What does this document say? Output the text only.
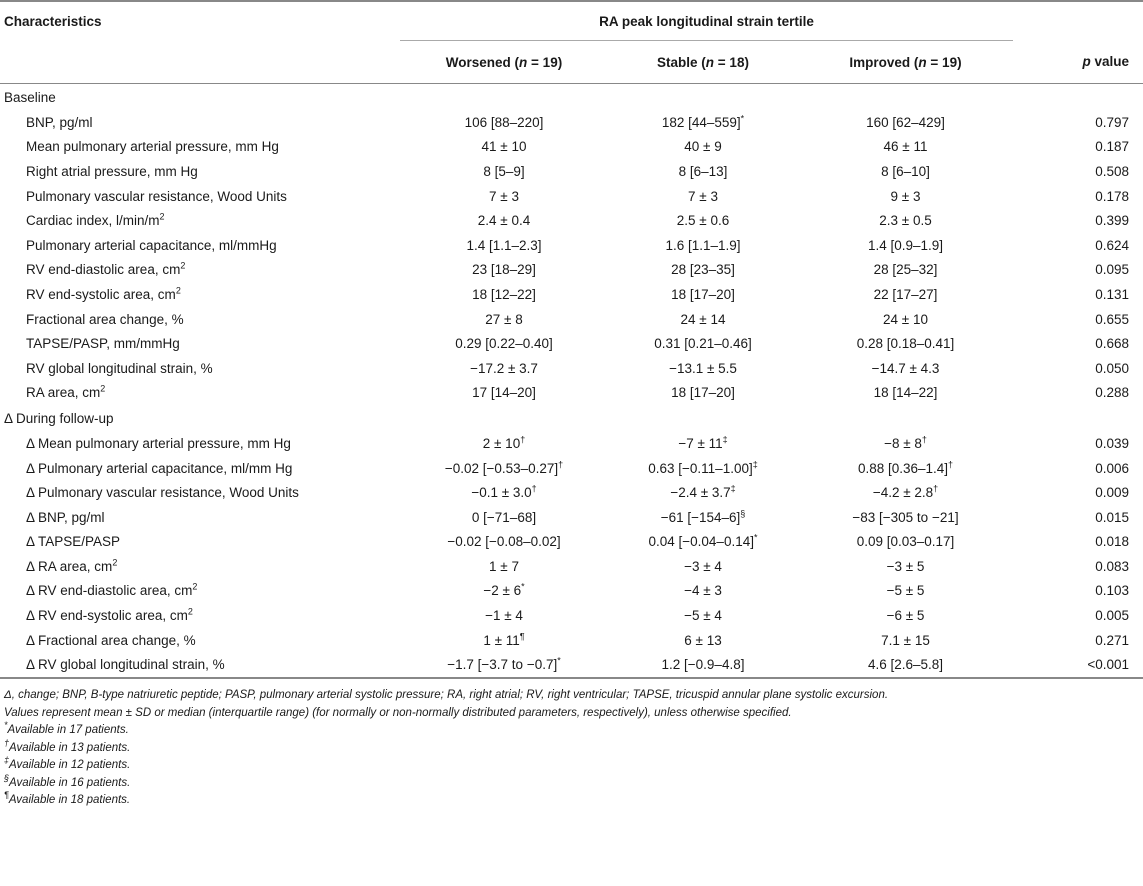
Characteristics	RA peak longitudinal strain tertile			
	Worsened (n = 19)	Stable (n = 18)	Improved (n = 19)	p value
Baseline				
BNP, pg/ml	106 [88–220]	182 [44–559]*	160 [62–429]	0.797
Mean pulmonary arterial pressure, mm Hg	41 ± 10	40 ± 9	46 ± 11	0.187
Right atrial pressure, mm Hg	8 [5–9]	8 [6–13]	8 [6–10]	0.508
Pulmonary vascular resistance, Wood Units	7 ± 3	7 ± 3	9 ± 3	0.178
Cardiac index, $l/\min/m^2$	2.4 ± 0.4	2.5 ± 0.6	2.3 ± 0.5	0.399
Pulmonary arterial capacitance, ml/mmHg	1.4 [1.1–2.3]	1.6 [1.1–1.9]	1.4 [0.9–1.9]	0.624
RV end-diastolic area, $cm^2$	23 [18–29]	28 [23–35]	28 [25–32]	0.095
RV end-systolic area, $cm^2$	18 [12–22]	18 [17–20]	22 [17–27]	0.131
Fractional area change, %	27 ± 8	24 ± 14	24 ± 10	0.655
TAPSE/PASP, mm/mmHg	0.29 [0.22–0.40]	0.31 [0.21–0.46]	0.28 [0.18–0.41]	0.668
RV global longitudinal strain, %	−17.2 ± 3.7	−13.1 ± 5.5	−14.7 ± 4.3	0.050
RA area, $cm^2$	17 [14–20]	18 [17–20]	18 [14–22]	0.288
Δ During follow-up				
Δ Mean pulmonary arterial pressure, mm Hg	2 ± 10†	−7 ± 11‡	−8 ± 8†	0.039
Δ Pulmonary arterial capacitance, ml/mm Hg	−0.02 [−0.53–0.27]†	0.63 [−0.11–1.00]‡	0.88 [0.36–1.4]†	0.006
Δ Pulmonary vascular resistance, Wood Units	−0.1 ± 3.0†	−2.4 ± 3.7‡	−4.2 ± 2.8†	0.009
Δ BNP, pg/ml	0 [−71–68]	−61 [−154–6]§	−83 [−305 to −21]	0.015
Δ TAPSE/PASP	−0.02 [−0.08–0.02]	0.04 [−0.04–0.14]*	0.09 [0.03–0.17]	0.018
Δ RA area, $cm^2$	1 ± 7	−3 ± 4	−3 ± 5	0.083
Δ RV end-diastolic area, $cm^2$	−2 ± 6*	−4 ± 3	−5 ± 5	0.103
Δ RV end-systolic area, $cm^2$	−1 ± 4	−5 ± 4	−6 ± 5	0.005
Δ Fractional area change, %	1 ± 11¶	6 ± 13	7.1 ± 15	0.271
Δ RV global longitudinal strain, %	−1.7 [−3.7 to −0.7]*	1.2 [−0.9–4.8]	4.6 [2.6–5.8]	<0.001
Δ, change; BNP, B-type natriuretic peptide; PASP, pulmonary arterial systolic pressure; RA, right atrial; RV, right ventricular; TAPSE, tricuspid annular plane systolic excursion.
Values represent mean ± SD or median (interquartile range) (for normally or non-normally distributed parameters, respectively), unless otherwise specified.
*Available in 17 patients.
†Available in 13 patients.
‡Available in 12 patients.
§Available in 16 patients.
¶Available in 18 patients.
